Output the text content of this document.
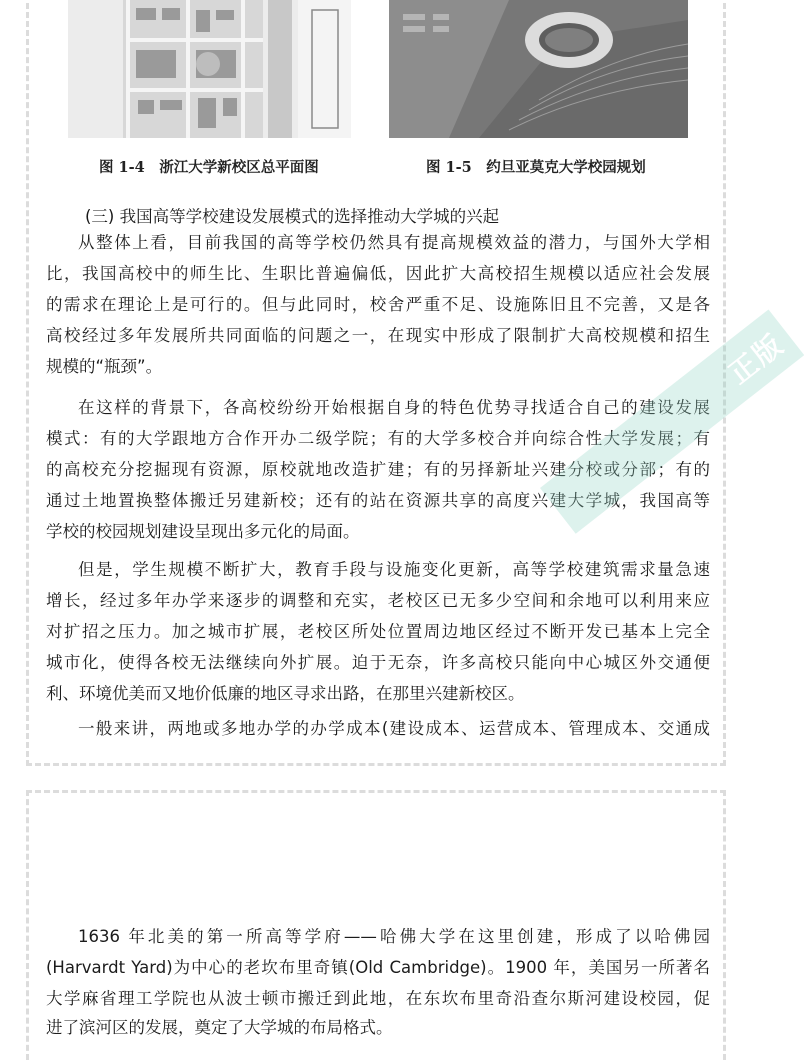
图 1-4　浙江大学新校区总平面图	图 1-5　约旦亚莫克大学校园规划
(三) 我国高等学校建设发展模式的选择推动大学城的兴起
从整体上看，目前我国的高等学校仍然具有提高规模效益的潜力，与国外大学相
比，我国高校中的师生比、生职比普遍偏低，因此扩大高校招生规模以适应社会发展
的需求在理论上是可行的。但与此同时，校舍严重不足、设施陈旧且不完善，又是各
高校经过多年发展所共同面临的问题之一，在现实中形成了限制扩大高校规模和招生
规模的“瓶颈”。
在这样的背景下，各高校纷纷开始根据自身的特色优势寻找适合自己的建设发展
模式：有的大学跟地方合作开办二级学院；有的大学多校合并向综合性大学发展；有
的高校充分挖掘现有资源，原校就地改造扩建；有的另择新址兴建分校或分部；有的
通过土地置换整体搬迁另建新校；还有的站在资源共享的高度兴建大学城，我国高等
学校的校园规划建设呈现出多元化的局面。
但是，学生规模不断扩大，教育手段与设施变化更新，高等学校建筑需求量急速
增长，经过多年办学来逐步的调整和充实，老校区已无多少空间和余地可以利用来应
对扩招之压力。加之城市扩展，老校区所处位置周边地区经过不断开发已基本上完全
城市化，使得各校无法继续向外扩展。迫于无奈，许多高校只能向中心城区外交通便
利、环境优美而又地价低廉的地区寻求出路，在那里兴建新校区。
一般来讲，两地或多地办学的办学成本(建设成本、运营成本、管理成本、交通成
1636 年北美的第一所高等学府——哈佛大学在这里创建，形成了以哈佛园
(Harvardt Yard)为中心的老坎布里奇镇(Old Cambridge)。1900 年，美国另一所著名
大学麻省理工学院也从波士顿市搬迁到此地，在东坎布里奇沿查尔斯河建设校园，促
进了滨河区的发展，奠定了大学城的布局格式。
正版
